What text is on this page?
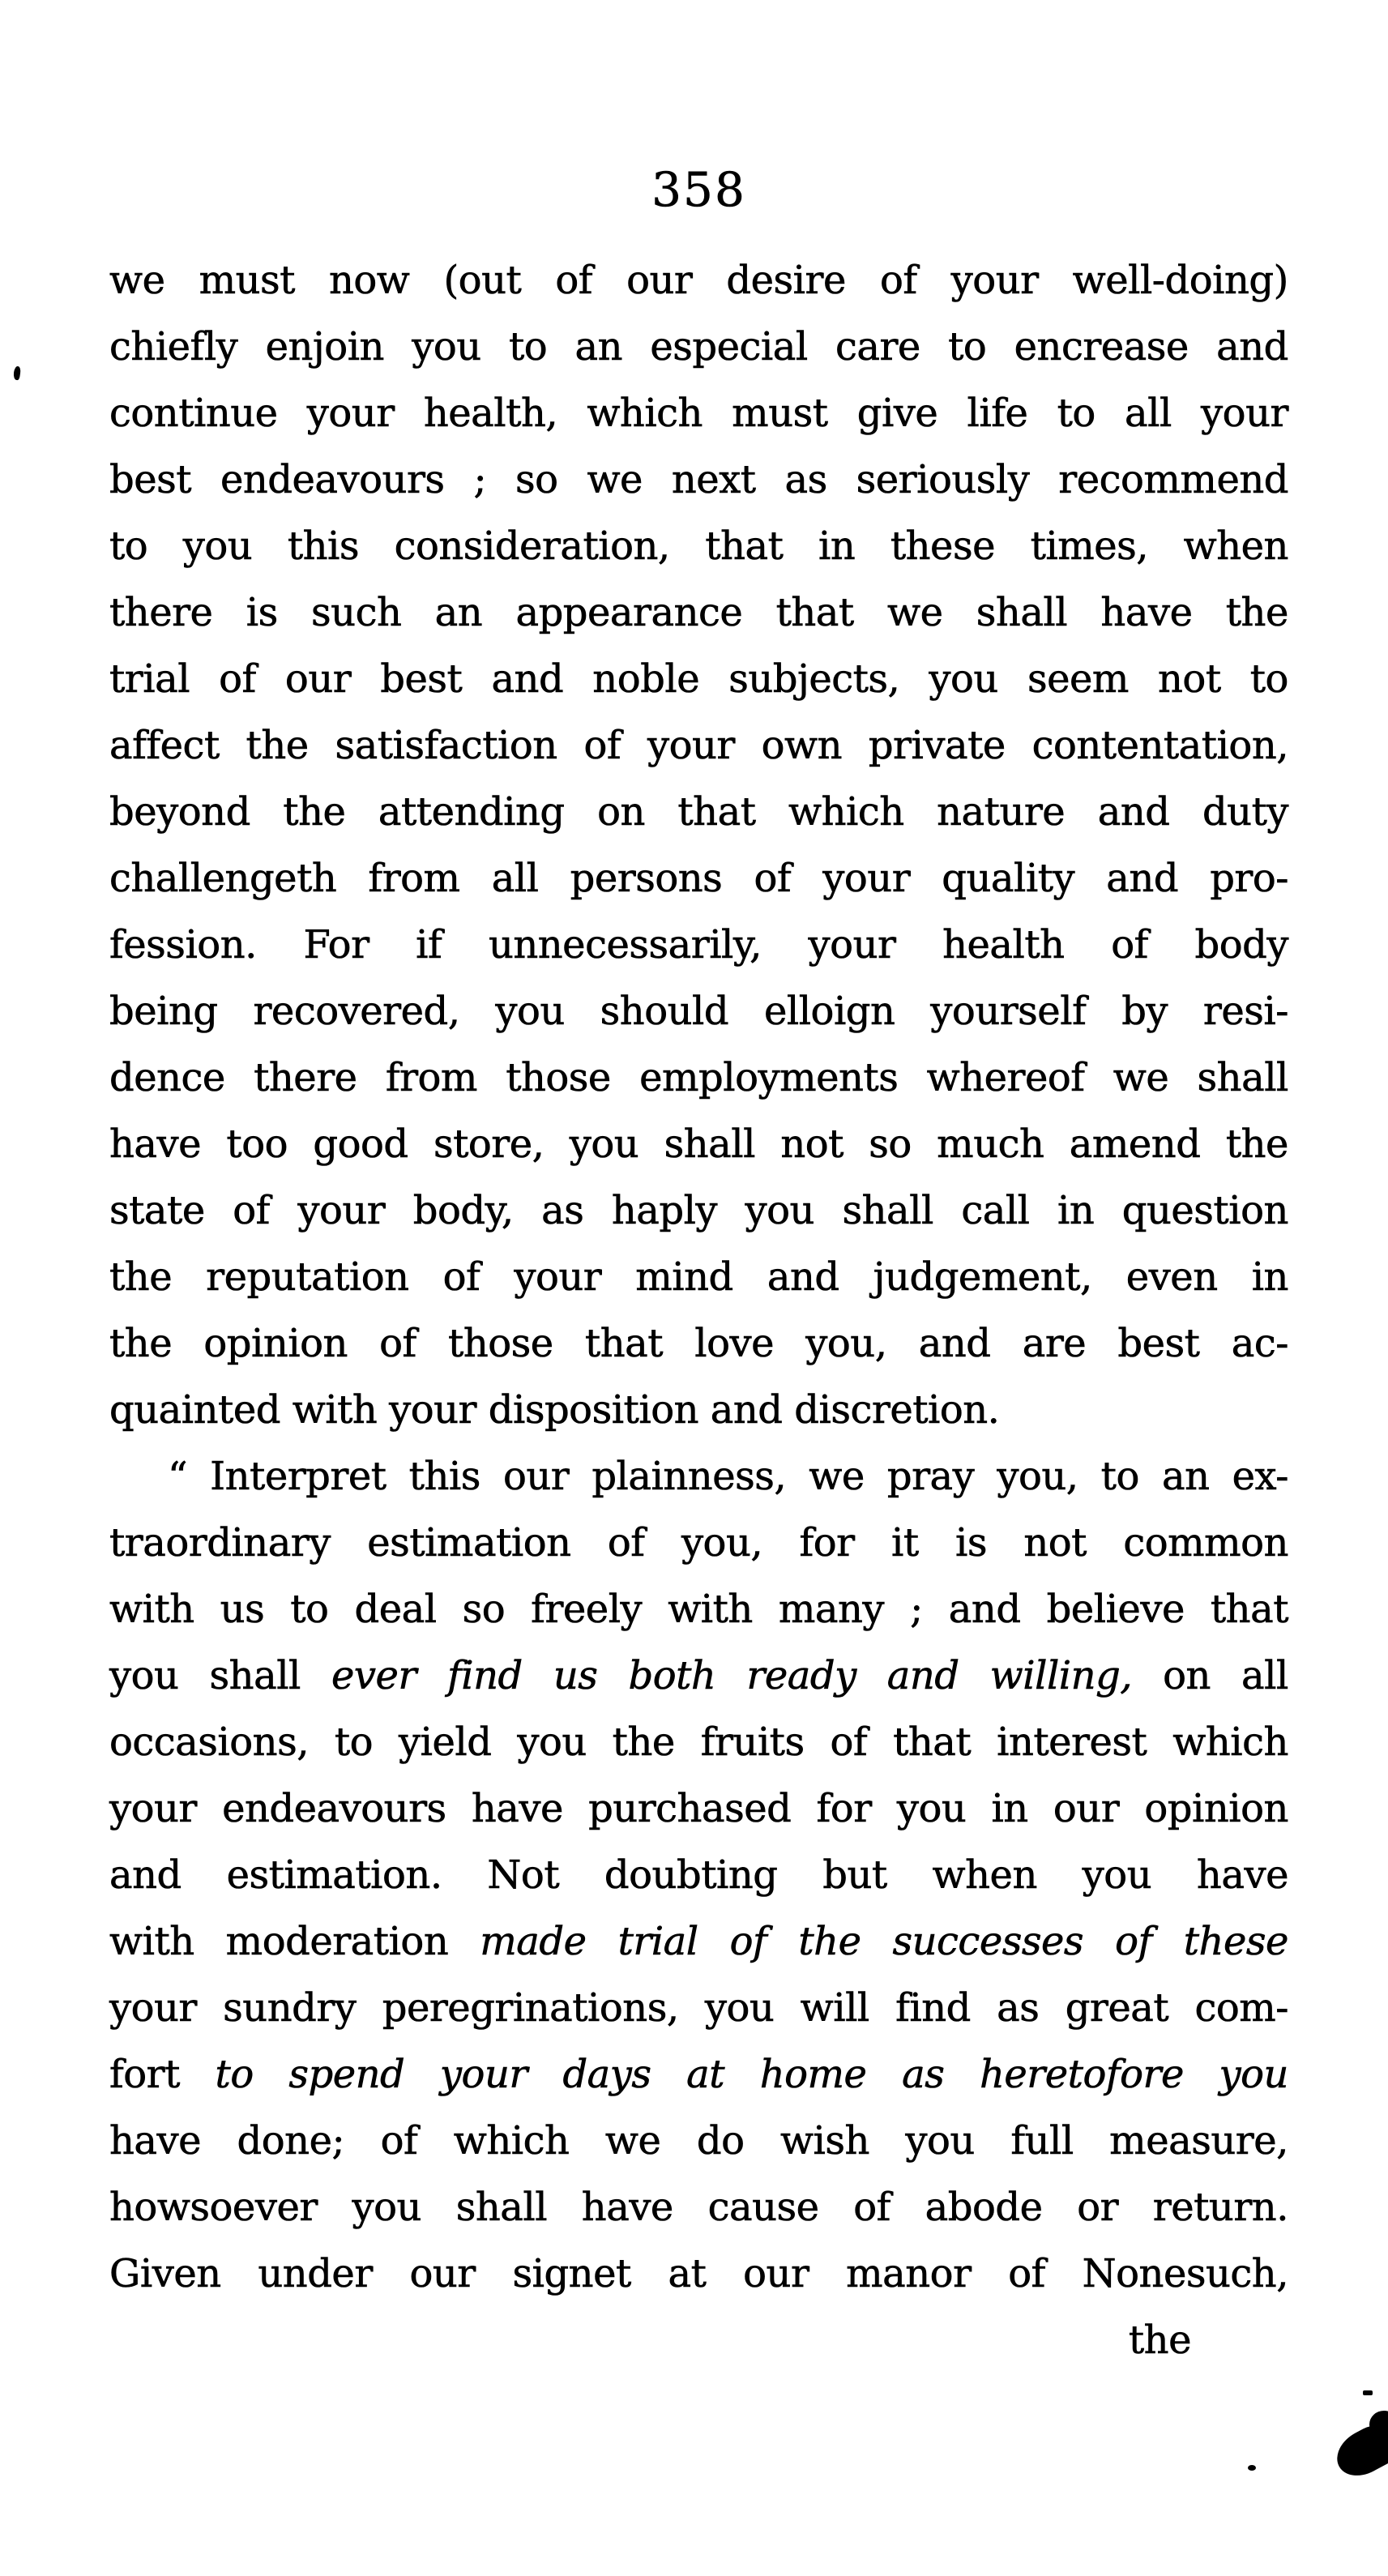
358
we must now (out of our desire of your well-doing)
chiefly enjoin you to an especial care to encrease and
continue your health, which must give life to all your
best endeavours ; so we next as seriously recommend
to you this consideration, that in these times, when
there is such an appearance that we shall have the
trial of our best and noble subjects, you seem not to
affect the satisfaction of your own private contentation,
beyond the attending on that which nature and duty
challengeth from all persons of your quality and pro-
fession. For if unnecessarily, your health of body
being recovered, you should elloign yourself by resi-
dence there from those employments whereof we shall
have too good store, you shall not so much amend the
state of your body, as haply you shall call in question
the reputation of your mind and judgement, even in
the opinion of those that love you, and are best ac-
quainted with your disposition and discretion.
“ Interpret this our plainness, we pray you, to an ex-
traordinary estimation of you, for it is not common
with us to deal so freely with many ; and believe that
you shall ever find us both ready and willing, on all
occasions, to yield you the fruits of that interest which
your endeavours have purchased for you in our opinion
and estimation. Not doubting but when you have
with moderation made trial of the successes of these
your sundry peregrinations, you will find as great com-
fort to spend your days at home as heretofore you
have done; of which we do wish you full measure,
howsoever you shall have cause of abode or return.
Given under our signet at our manor of Nonesuch,
the
